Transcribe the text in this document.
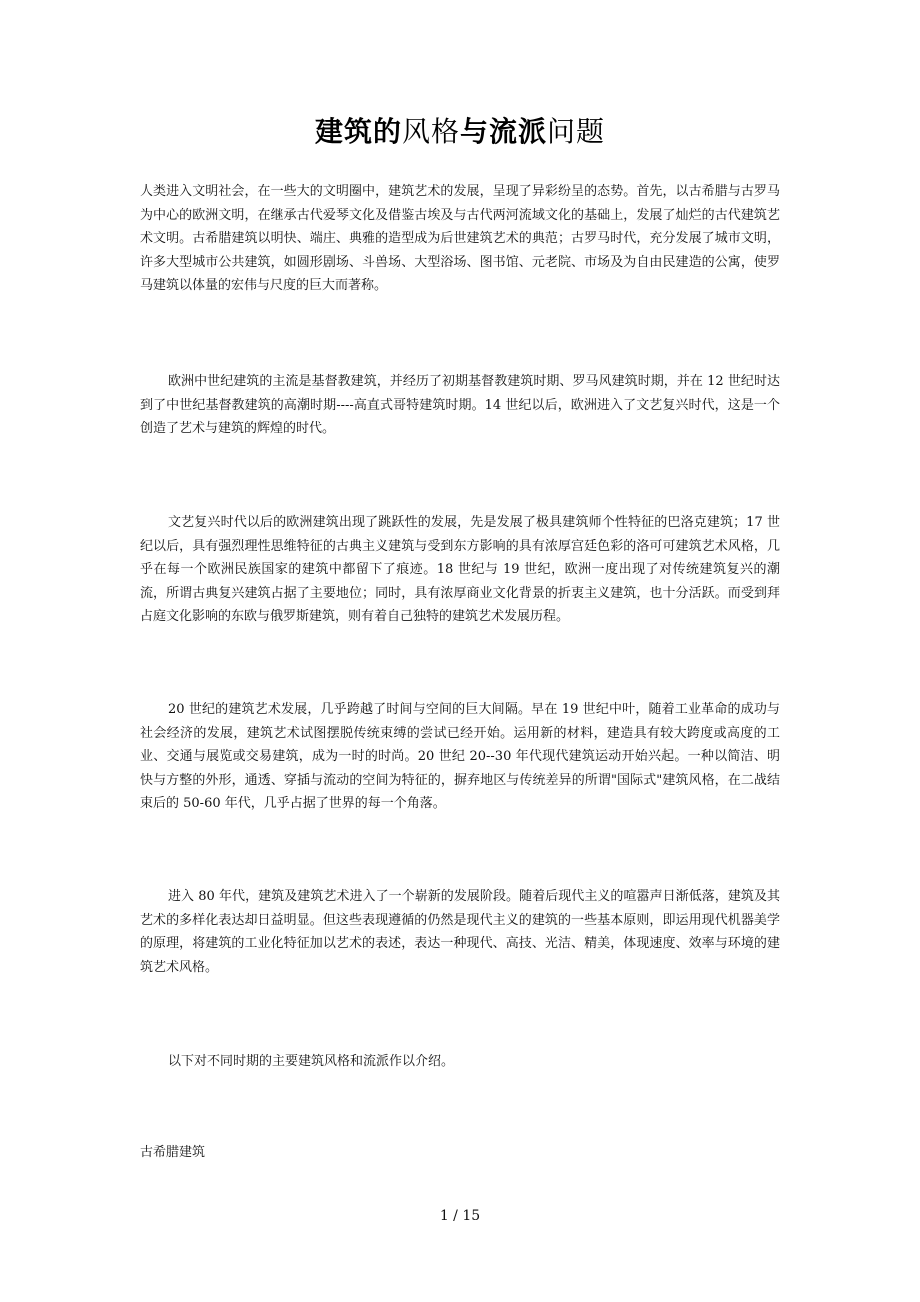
建筑的风格与流派问题

人类进入文明社会，在一些大的文明圈中，建筑艺术的发展，呈现了异彩纷呈的态势。首先，以古希腊与古罗马为中心的欧洲文明，在继承古代爱琴文化及借鉴古埃及与古代两河流域文化的基础上，发展了灿烂的古代建筑艺术文明。古希腊建筑以明快、端庄、典雅的造型成为后世建筑艺术的典范；古罗马时代，充分发展了城市文明，许多大型城市公共建筑，如圆形剧场、斗兽场、大型浴场、图书馆、元老院、市场及为自由民建造的公寓，使罗马建筑以体量的宏伟与尺度的巨大而著称。

欧洲中世纪建筑的主流是基督教建筑，并经历了初期基督教建筑时期、罗马风建筑时期，并在 12 世纪时达到了中世纪基督教建筑的高潮时期----高直式哥特建筑时期。14 世纪以后，欧洲进入了文艺复兴时代，这是一个创造了艺术与建筑的辉煌的时代。

文艺复兴时代以后的欧洲建筑出现了跳跃性的发展，先是发展了极具建筑师个性特征的巴洛克建筑；17 世纪以后，具有强烈理性思维特征的古典主义建筑与受到东方影响的具有浓厚宫廷色彩的洛可可建筑艺术风格，几乎在每一个欧洲民族国家的建筑中都留下了痕迹。18 世纪与 19 世纪，欧洲一度出现了对传统建筑复兴的潮流，所谓古典复兴建筑占据了主要地位；同时，具有浓厚商业文化背景的折衷主义建筑，也十分活跃。而受到拜占庭文化影响的东欧与俄罗斯建筑，则有着自己独特的建筑艺术发展历程。

20 世纪的建筑艺术发展，几乎跨越了时间与空间的巨大间隔。早在 19 世纪中叶，随着工业革命的成功与社会经济的发展，建筑艺术试图摆脱传统束缚的尝试已经开始。运用新的材料，建造具有较大跨度或高度的工业、交通与展览或交易建筑，成为一时的时尚。20 世纪 20--30 年代现代建筑运动开始兴起。一种以简洁、明快与方整的外形，通透、穿插与流动的空间为特征的，摒弃地区与传统差异的所谓"国际式"建筑风格，在二战结束后的 50-60 年代，几乎占据了世界的每一个角落。

进入 80 年代，建筑及建筑艺术进入了一个崭新的发展阶段。随着后现代主义的喧嚣声日渐低落，建筑及其艺术的多样化表达却日益明显。但这些表现遵循的仍然是现代主义的建筑的一些基本原则，即运用现代机器美学的原理，将建筑的工业化特征加以艺术的表述，表达一种现代、高技、光洁、精美，体现速度、效率与环境的建筑艺术风格。

以下对不同时期的主要建筑风格和流派作以介绍。

古希腊建筑

1 / 15
